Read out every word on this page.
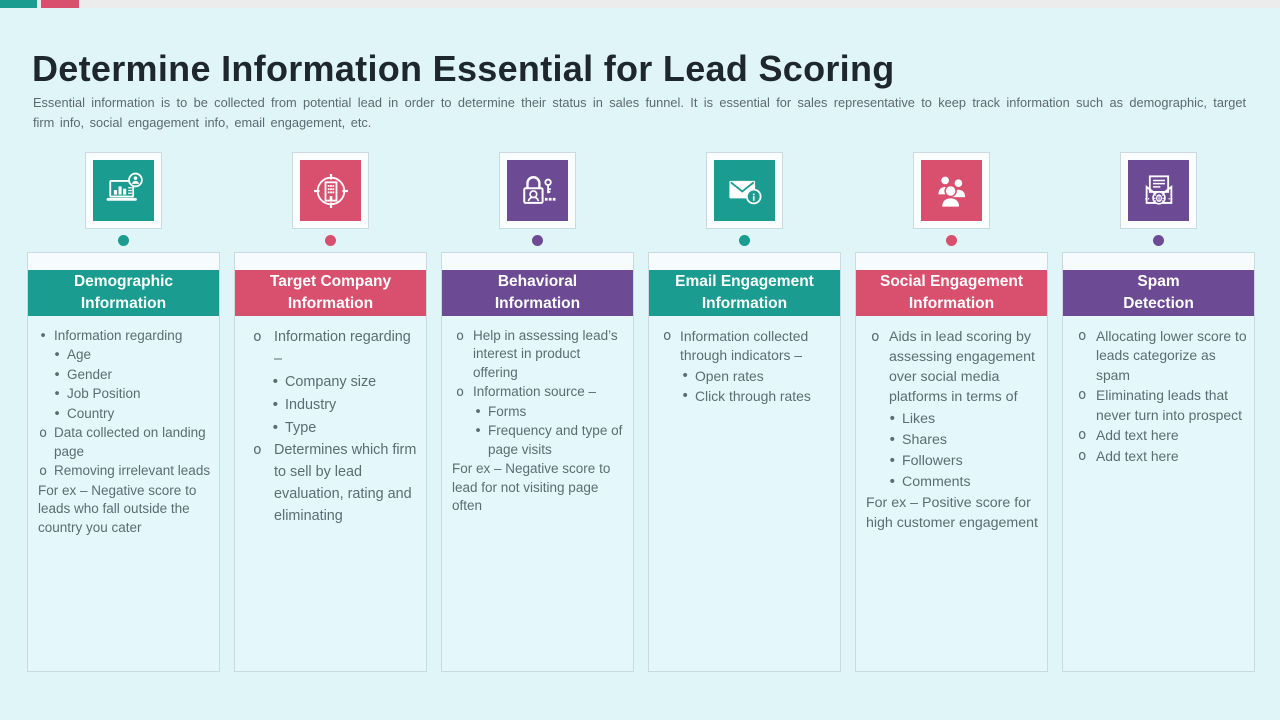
Determine Information Essential for Lead Scoring

Essential information is to be collected from potential lead in order to determine their status in sales funnel. It is essential for sales representative to keep track information such as demographic, target firm info, social engagement info, email engagement, etc.

Demographic
Information
• Information regarding
• Age
• Gender
• Job Position
• Country
o Data collected on landing page
o Removing irrelevant leads
For ex – Negative score to leads who fall outside the country you cater
Target Company
Information
o Information regarding –
• Company size
• Industry
• Type
o Determines which firm to sell by lead evaluation, rating and eliminating
Behavioral
Information
o Help in assessing lead’s interest in product offering
o Information source –
• Forms
• Frequency and type of page visits
For ex – Negative score to lead for not visiting page often
Email Engagement
Information
o Information collected through indicators –
• Open rates
• Click through rates
Social Engagement
Information
o Aids in lead scoring by assessing engagement over social media platforms in terms of
• Likes
• Shares
• Followers
• Comments
For ex – Positive score for high customer engagement
Spam
Detection
o Allocating lower score to leads categorize as spam
o Eliminating leads that never turn into prospect
o Add text here
o Add text here
